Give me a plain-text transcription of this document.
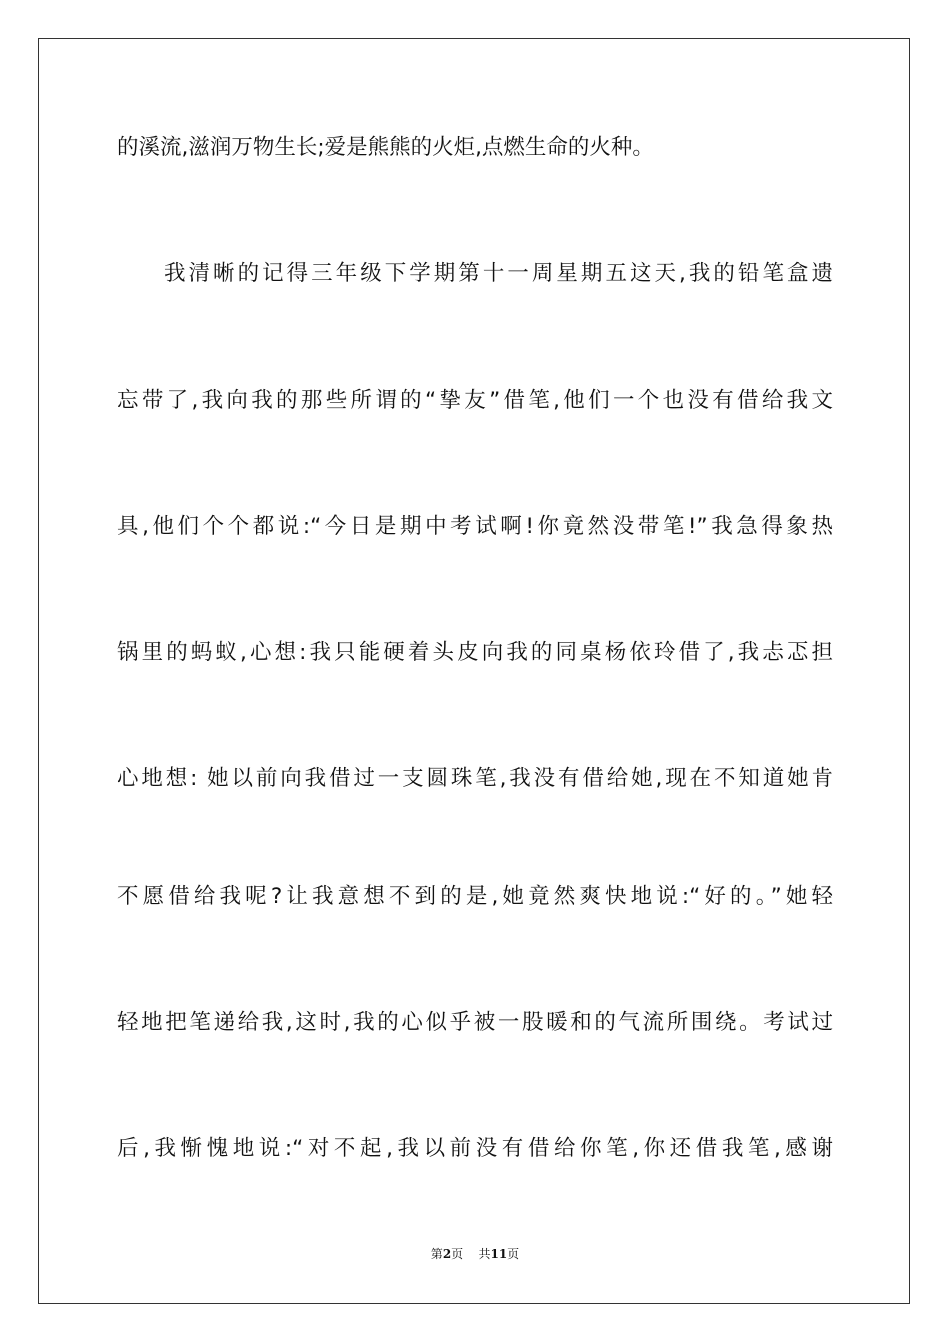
的溪流,滋润万物生长;爱是熊熊的火炬,点燃生命的火种。
我清晰的记得三年级下学期第十一周星期五这天,我的铅笔盒遗
忘带了,我向我的那些所谓的“挚友”借笔,他们一个也没有借给我文
具,他们个个都说:“今日是期中考试啊!你竟然没带笔!”我急得象热
锅里的蚂蚁,心想:我只能硬着头皮向我的同桌杨依玲借了,我忐忑担
心地想: 她以前向我借过一支圆珠笔,我没有借给她,现在不知道她肯
不愿借给我呢?让我意想不到的是,她竟然爽快地说:“好的。”她轻
轻地把笔递给我,这时,我的心似乎被一股暖和的气流所围绕。考试过
后,我惭愧地说:“对不起,我以前没有借给你笔,你还借我笔,感谢
第2页 共11页
